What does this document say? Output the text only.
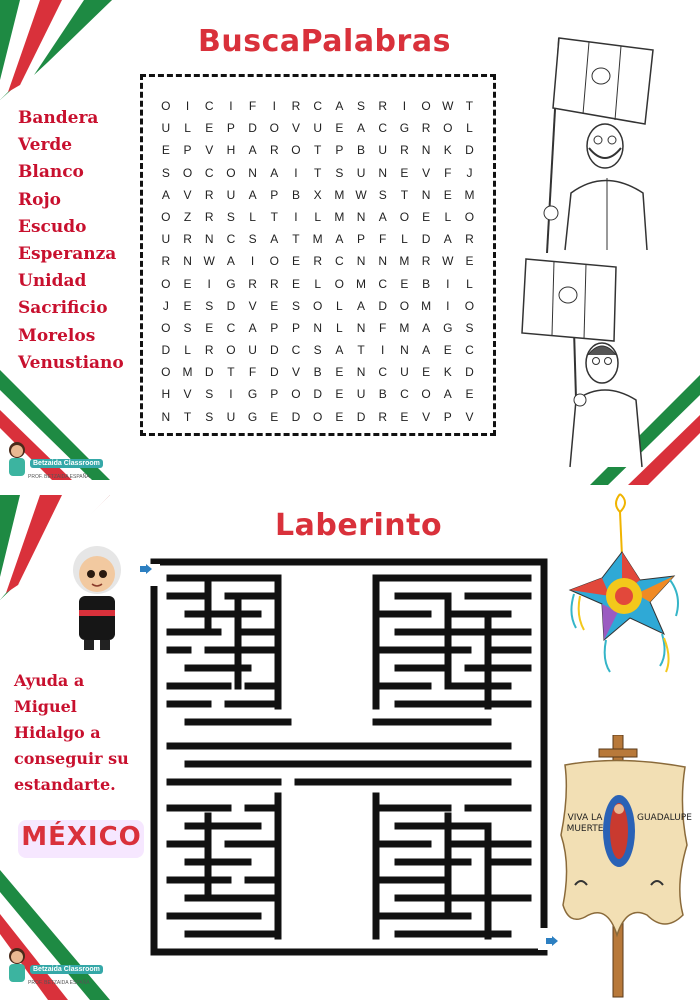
Betzaida Classroom
PROF. BETZAIDA ESPAÑA
Betzaida Classroom
PROF. BETZAIDA ESPAÑA
BuscaPalabras
Bandera
Verde
Blanco
Rojo
Escudo
Esperanza
Unidad
Sacrificio
Morelos
Venustiano
O	I	C	I	F	I	R	C	A	S	R	I	O W	T
U	L	E	P	D	O	V	U	E	A	C	G	R	O	L
E	P	V	H	A	R	O	T	P	B	U	R	N	K	D
S	O	C	O	N	A	I	T	S	U	N	E	V	F	J
A	V	R	U	A	P	B	X	M W	S	T	N	E	M
O	Z	R	S	L	T	I	L	M	N	A	O	E	L	O
U	R	N	C	S	A	T	M	A	P	F	L	D	A	R
R	N W	A	I	O	E	R	C	N	N	M	R W	E
O	E	I	G	R	R	E	L	O	M	C	E	B	I	L
J	E	S	D	V	E	S	O	L	A	D	O	M	I	O
O	S	E	C	A	P	P	N	L	N	F	M	A	G	S
D	L	R	O	U	D	C	S	A	T	I	N	A	E	C
O	M	D	T	F	D	V	B	E	N	C	U	E	K	D
H	V	S	I	G	P	O	D	E	U	B	C	O	A	E
N	T	S	U	G	E	D	O	E	D	R	E	V	P	V
Laberinto
Ayuda a Miguel Hidalgo a conseguir su estandarte.
MÉXICO
VIVA LA MUERTE
GUADALUPE
